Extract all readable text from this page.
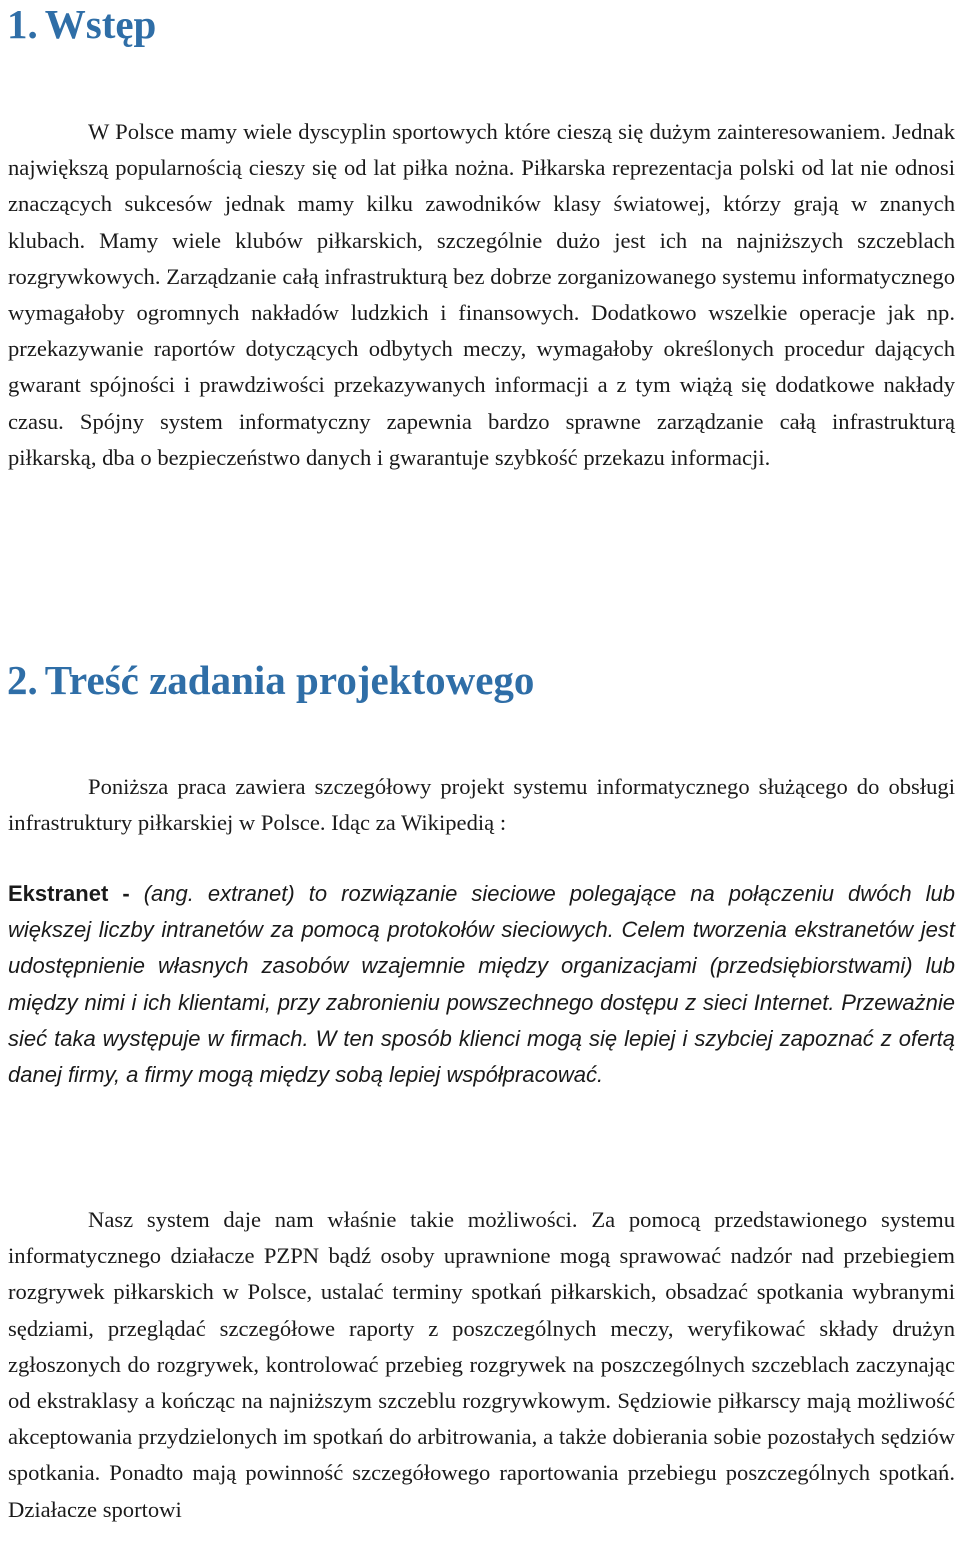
1. Wstęp

W Polsce mamy wiele dyscyplin sportowych które cieszą się dużym zainteresowaniem. Jednak największą popularnością cieszy się od lat piłka nożna. Piłkarska reprezentacja polski od lat nie odnosi znaczących sukcesów jednak mamy kilku zawodników klasy światowej, którzy grają w znanych klubach. Mamy wiele klubów piłkarskich, szczególnie dużo jest ich na najniższych szczeblach rozgrywkowych. Zarządzanie całą infrastrukturą bez dobrze zorganizowanego systemu informatycznego wymagałoby ogromnych nakładów ludzkich i finansowych. Dodatkowo wszelkie operacje jak np. przekazywanie raportów dotyczących odbytych meczy, wymagałoby określonych procedur dających gwarant spójności i prawdziwości przekazywanych informacji a z tym wiążą się dodatkowe nakłady czasu. Spójny system informatyczny zapewnia bardzo sprawne zarządzanie całą infrastrukturą piłkarską, dba o bezpieczeństwo danych i gwarantuje szybkość przekazu informacji.

2. Treść zadania projektowego

Poniższa praca zawiera szczegółowy projekt systemu informatycznego służącego do obsługi infrastruktury piłkarskiej w Polsce. Idąc za Wikipedią :

Ekstranet - (ang. extranet) to rozwiązanie sieciowe polegające na połączeniu dwóch lub większej liczby intranetów za pomocą protokołów sieciowych. Celem tworzenia ekstranetów jest udostępnienie własnych zasobów wzajemnie między organizacjami (przedsiębiorstwami) lub między nimi i ich klientami, przy zabronieniu powszechnego dostępu z sieci Internet. Przeważnie sieć taka występuje w firmach. W ten sposób klienci mogą się lepiej i szybciej zapoznać z ofertą danej firmy, a firmy mogą między sobą lepiej współpracować.

Nasz system daje nam właśnie takie możliwości. Za pomocą przedstawionego systemu informatycznego działacze PZPN bądź osoby uprawnione mogą sprawować nadzór nad przebiegiem rozgrywek piłkarskich w Polsce, ustalać terminy spotkań piłkarskich, obsadzać spotkania wybranymi sędziami, przeglądać szczegółowe raporty z poszczególnych meczy, weryfikować składy drużyn zgłoszonych do rozgrywek, kontrolować przebieg rozgrywek na poszczególnych szczeblach zaczynając od ekstraklasy a kończąc na najniższym szczeblu rozgrywkowym. Sędziowie piłkarscy mają możliwość akceptowania przydzielonych im spotkań do arbitrowania, a także dobierania sobie pozostałych sędziów spotkania. Ponadto mają powinność szczegółowego raportowania przebiegu poszczególnych spotkań. Działacze sportowi
